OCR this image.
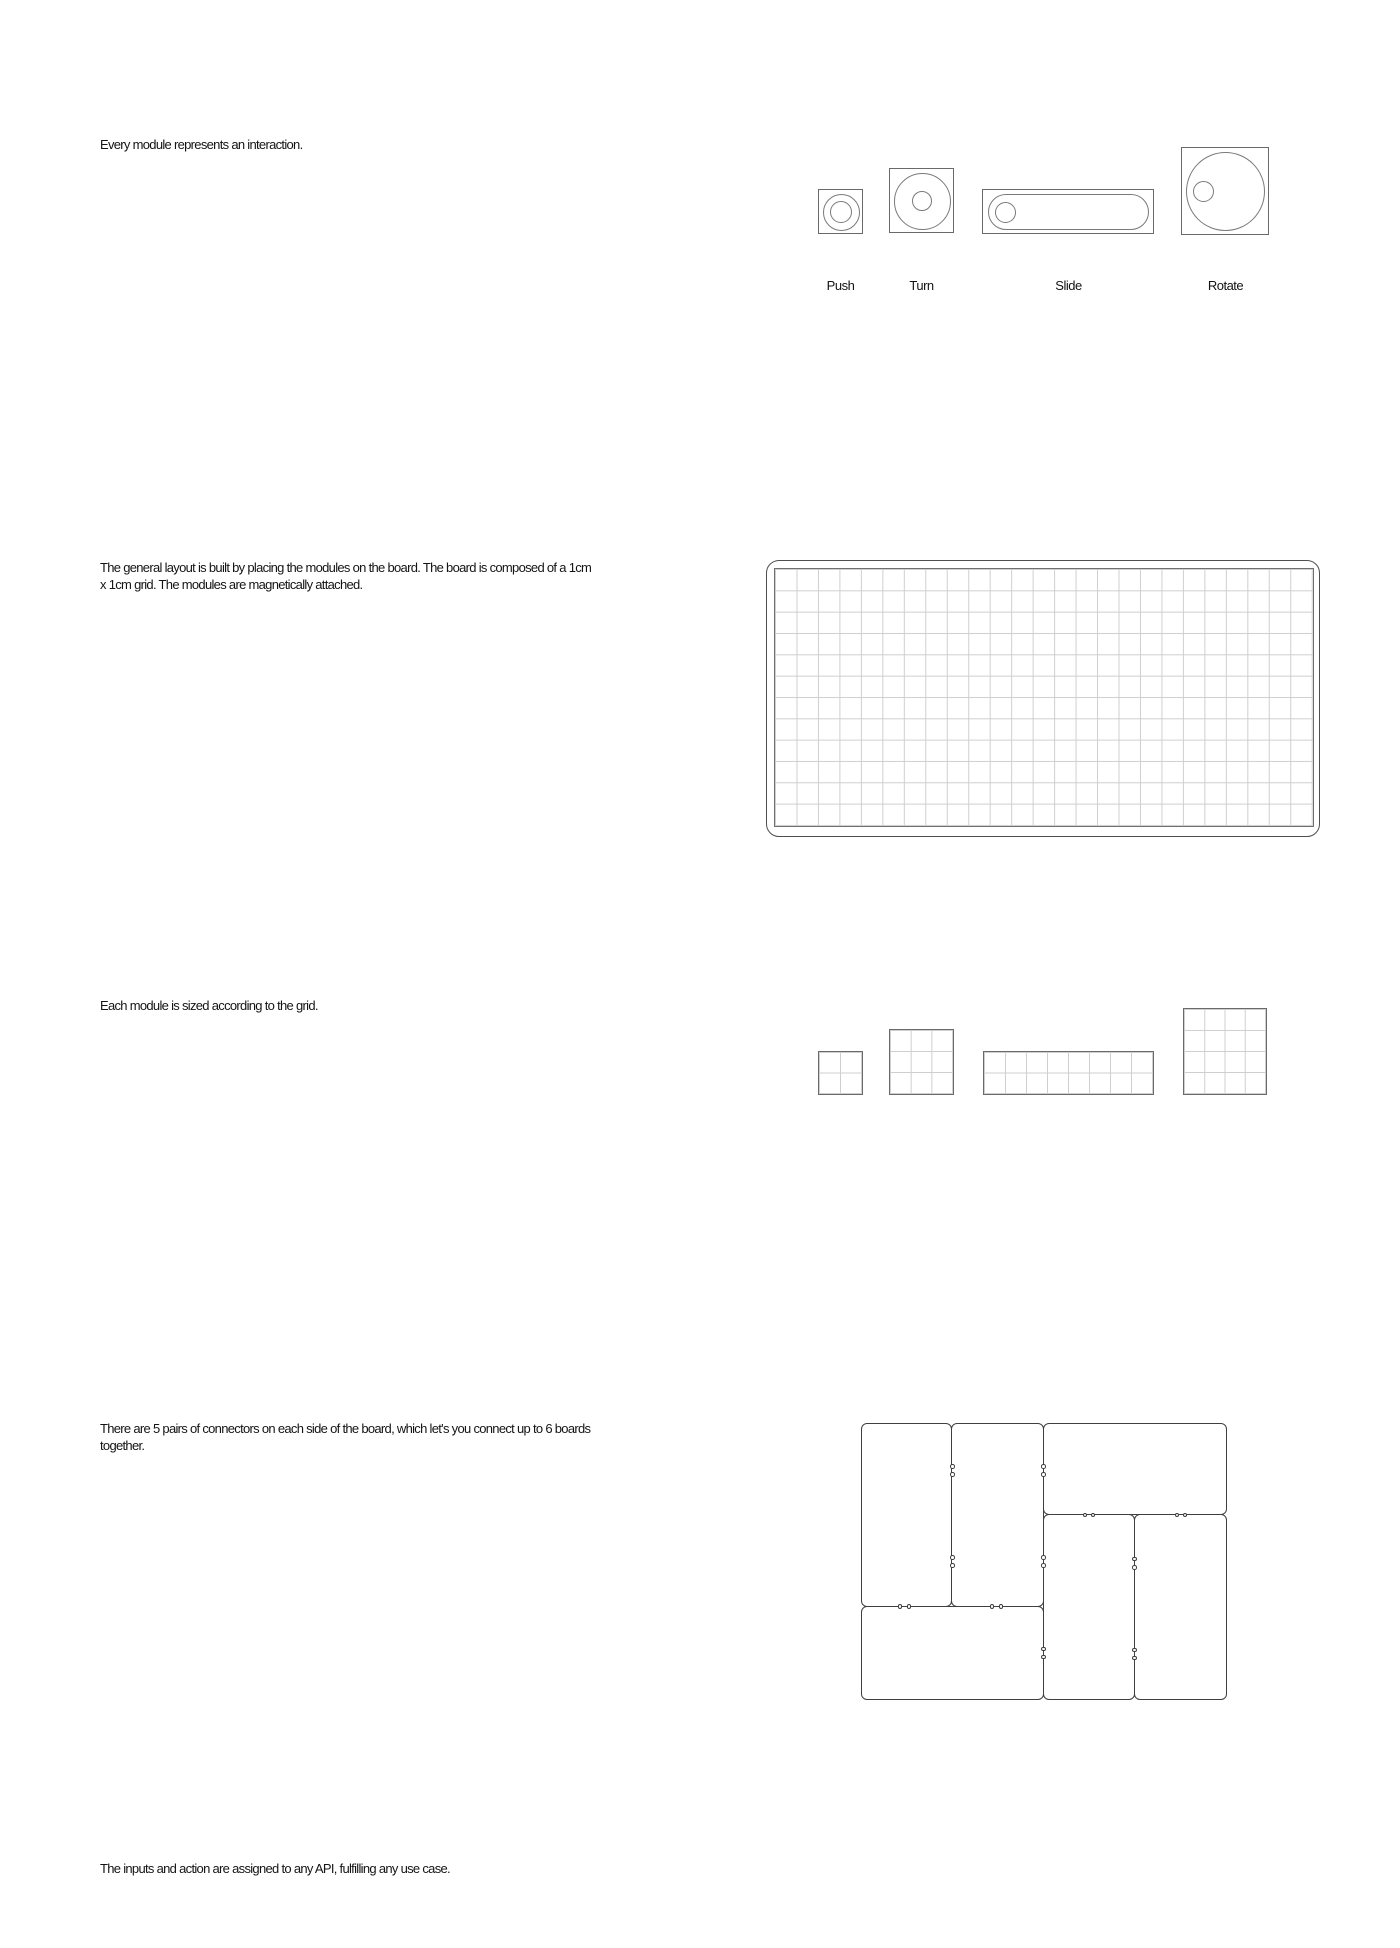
Every module represents an interaction.

Push	Turn	Slide	Rotate

The general layout is built by placing the modules on the board. The board is composed of a 1cm x 1cm grid. The modules are magnetically attached.

Each module is sized according to the grid.

There are 5 pairs of connectors on each side of the board, which let's you connect up to 6 boards together.

The inputs and action are assigned to any API, fulfilling any use case.
